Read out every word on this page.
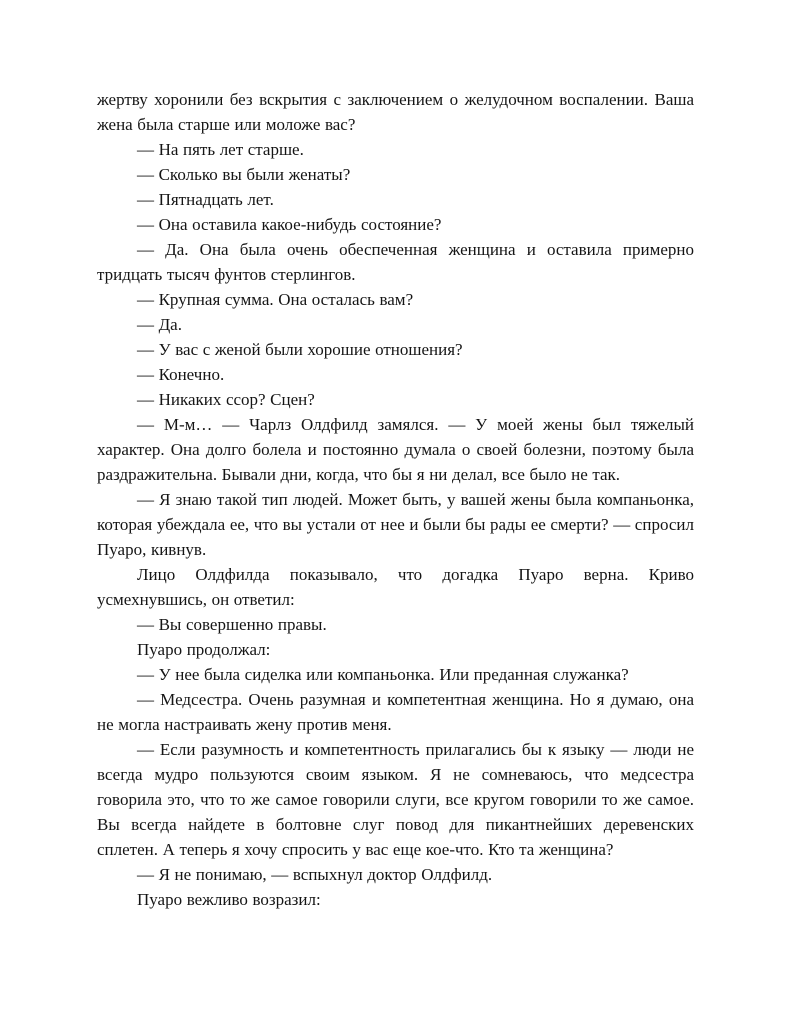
жертву хоронили без вскрытия с заключением о желудочном воспалении. Ваша жена была старше или моложе вас?

— На пять лет старше.

— Сколько вы были женаты?

— Пятнадцать лет.

— Она оставила какое-нибудь состояние?

— Да. Она была очень обеспеченная женщина и оставила примерно тридцать тысяч фунтов стерлингов.

— Крупная сумма. Она осталась вам?

— Да.

— У вас с женой были хорошие отношения?

— Конечно.

— Никаких ссор? Сцен?

— М-м… — Чарлз Олдфилд замялся. — У моей жены был тяжелый характер. Она долго болела и постоянно думала о своей болезни, поэтому была раздражительна. Бывали дни, когда, что бы я ни делал, все было не так.

— Я знаю такой тип людей. Может быть, у вашей жены была компаньонка, которая убеждала ее, что вы устали от нее и были бы рады ее смерти? — спросил Пуаро, кивнув.

Лицо Олдфилда показывало, что догадка Пуаро верна. Криво усмехнувшись, он ответил:

— Вы совершенно правы.

Пуаро продолжал:

— У нее была сиделка или компаньонка. Или преданная служанка?

— Медсестра. Очень разумная и компетентная женщина. Но я думаю, она не могла настраивать жену против меня.

— Если разумность и компетентность прилагались бы к языку — люди не всегда мудро пользуются своим языком. Я не сомневаюсь, что медсестра говорила это, что то же самое говорили слуги, все кругом говорили то же самое. Вы всегда найдете в болтовне слуг повод для пикантнейших деревенских сплетен. А теперь я хочу спросить у вас еще кое-что. Кто та женщина?

— Я не понимаю, — вспыхнул доктор Олдфилд.

Пуаро вежливо возразил:
